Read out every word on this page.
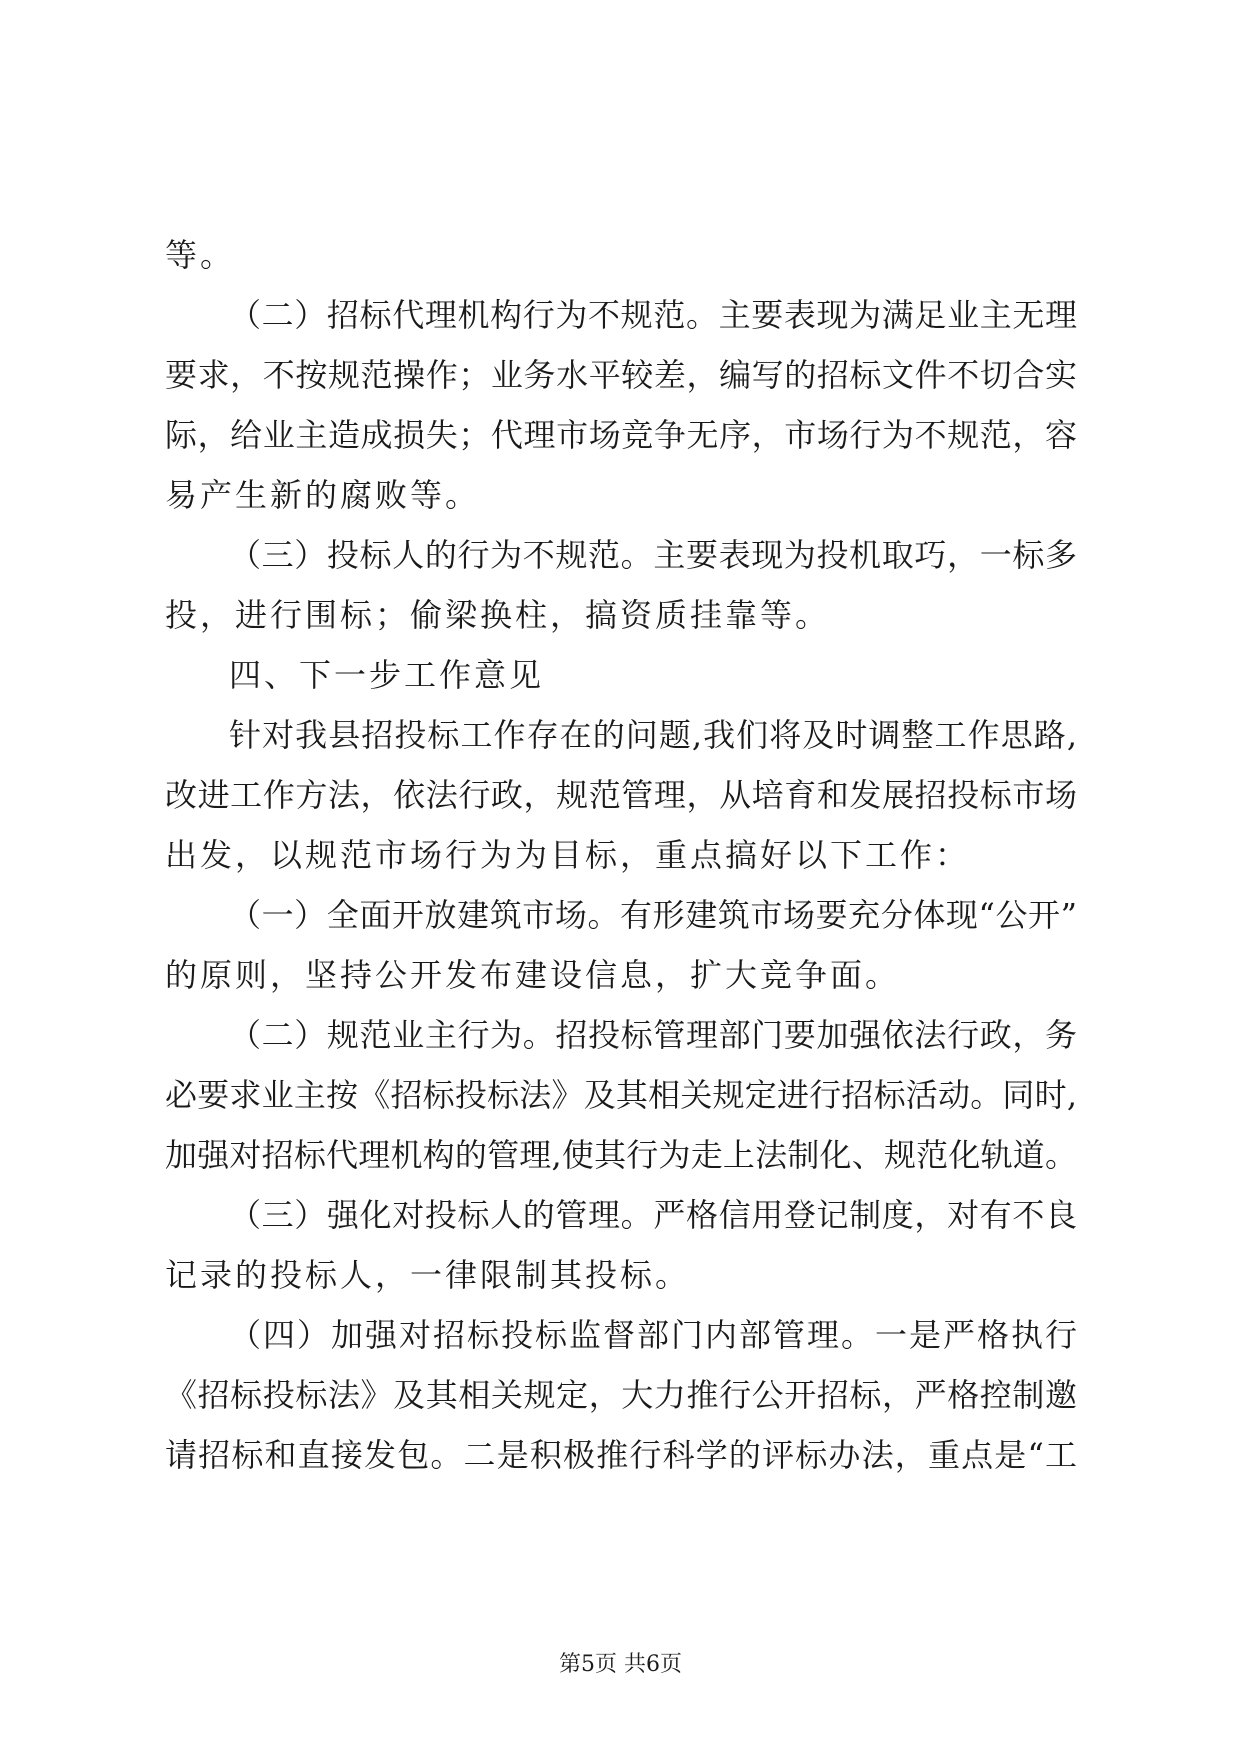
等。
（二）招标代理机构行为不规范。主要表现为满足业主无理
要求，不按规范操作；业务水平较差，编写的招标文件不切合实
际，给业主造成损失；代理市场竞争无序，市场行为不规范，容
易产生新的腐败等。
（三）投标人的行为不规范。主要表现为投机取巧，一标多
投，进行围标；偷梁换柱，搞资质挂靠等。
四、下一步工作意见
针对我县招投标工作存在的问题,我们将及时调整工作思路,
改进工作方法，依法行政，规范管理，从培育和发展招投标市场
出发，以规范市场行为为目标，重点搞好以下工作：
（一）全面开放建筑市场。有形建筑市场要充分体现“公开”
的原则，坚持公开发布建设信息，扩大竞争面。
（二）规范业主行为。招投标管理部门要加强依法行政，务
必要求业主按《招标投标法》及其相关规定进行招标活动。同时,
加强对招标代理机构的管理,使其行为走上法制化、规范化轨道。
（三）强化对投标人的管理。严格信用登记制度，对有不良
记录的投标人，一律限制其投标。
（四）加强对招标投标监督部门内部管理。一是严格执行
《招标投标法》及其相关规定，大力推行公开招标，严格控制邀
请招标和直接发包。二是积极推行科学的评标办法，重点是“工
第5页 共6页
